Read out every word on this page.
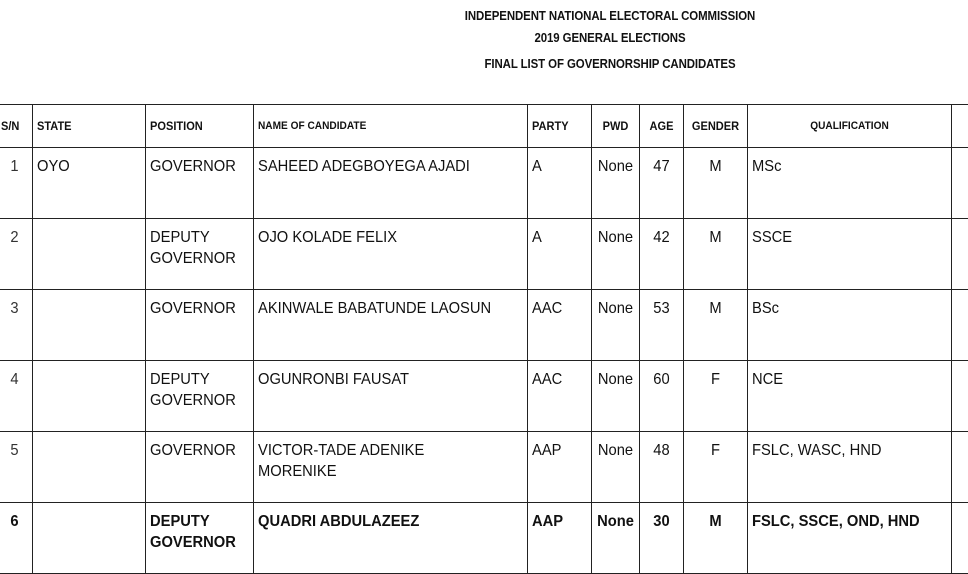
INDEPENDENT NATIONAL ELECTORAL COMMISSION
2019 GENERAL ELECTIONS
FINAL LIST OF GOVERNORSHIP CANDIDATES
S/N	STATE	POSITION	NAME OF CANDIDATE	PARTY	PWD	AGE	GENDER	QUALIFICATION	

1	OYO	GOVERNOR	SAHEED ADEGBOYEGA AJADI	A	None	47	M	MSc	

2		DEPUTY GOVERNOR	OJO KOLADE FELIX	A	None	42	M	SSCE	

3		GOVERNOR	AKINWALE BABATUNDE LAOSUN	AAC	None	53	M	BSc	

4		DEPUTY GOVERNOR	OGUNRONBI FAUSAT	AAC	None	60	F	NCE	

5		GOVERNOR	VICTOR-TADE ADENIKE MORENIKE	AAP	None	48	F	FSLC, WASC, HND	

6		DEPUTY GOVERNOR	QUADRI ABDULAZEEZ	AAP	None	30	M	FSLC, SSCE, OND, HND	
